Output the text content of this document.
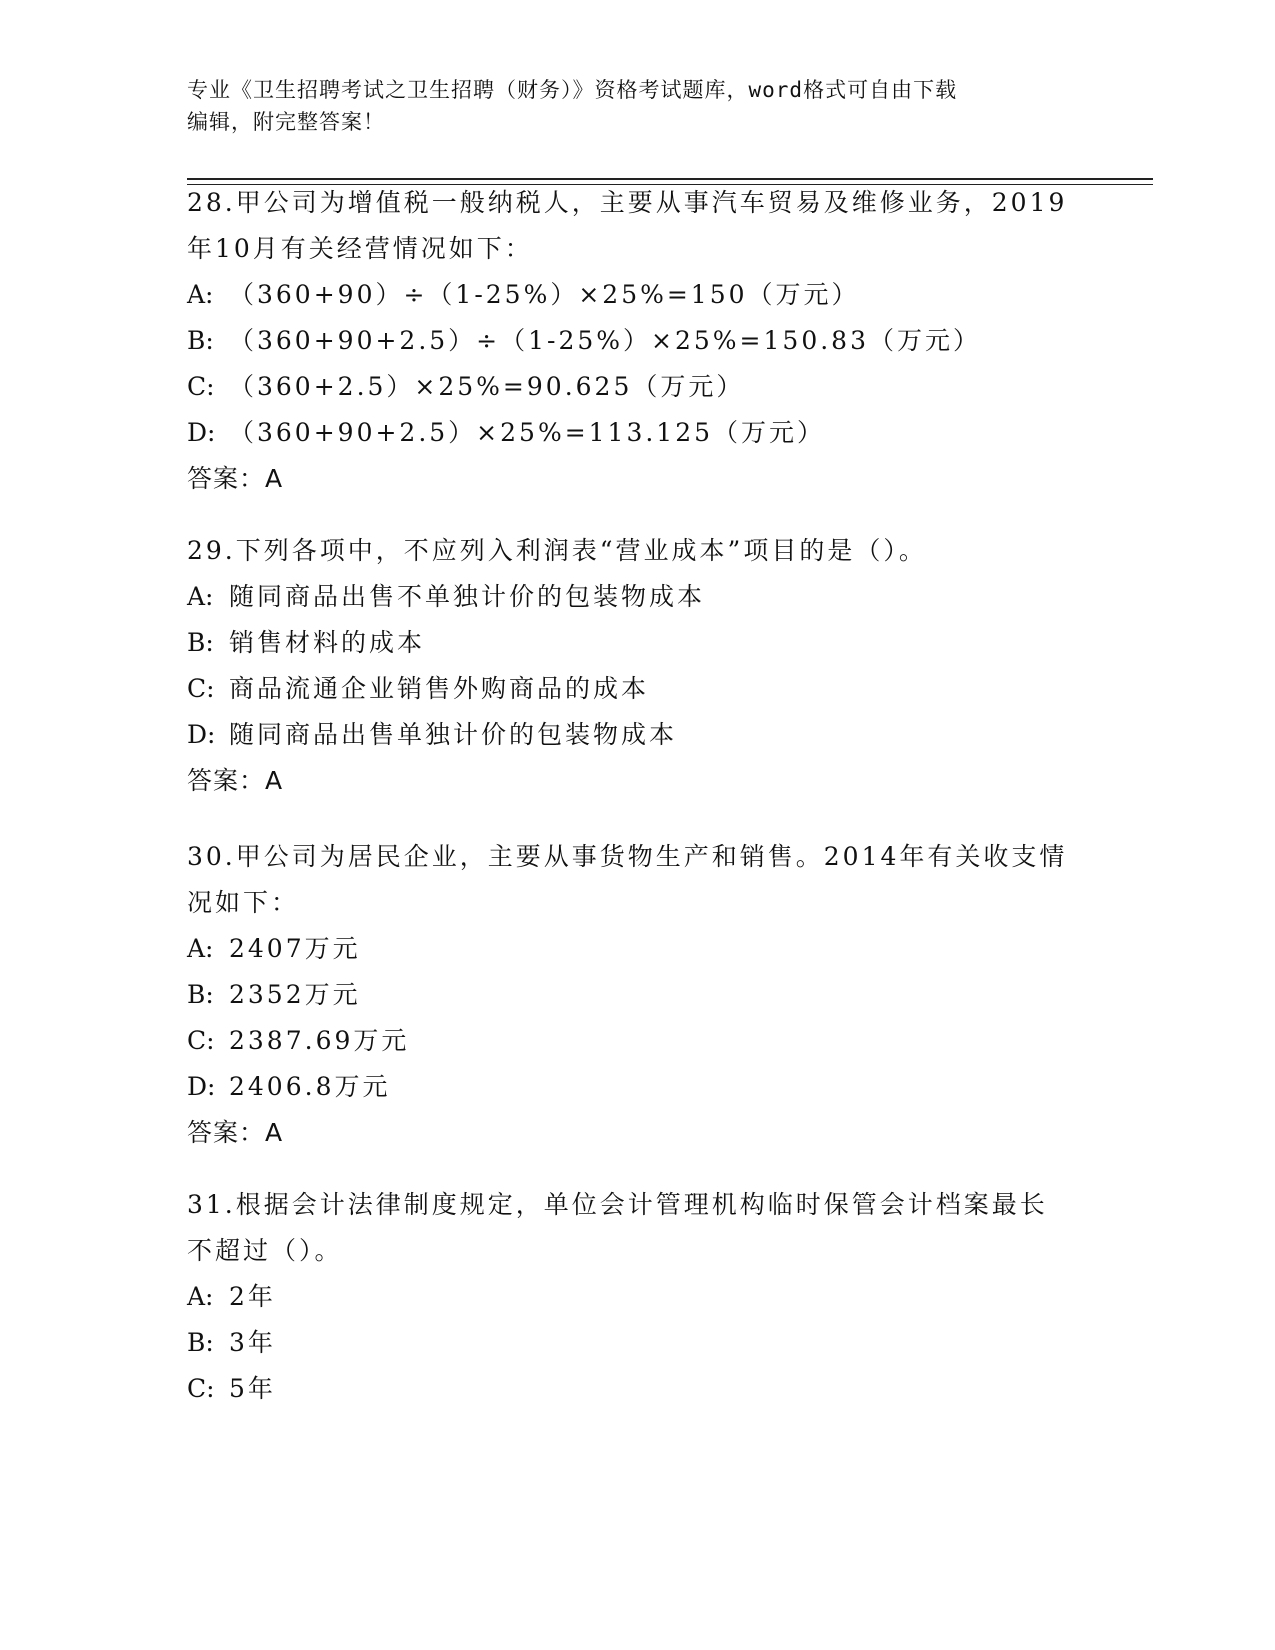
专业《卫生招聘考试之卫生招聘（财务）》资格考试题库，word格式可自由下载
编辑，附完整答案！
28.甲公司为增值税一般纳税人，主要从事汽车贸易及维修业务，2019
年10月有关经营情况如下：
A: （360+90）÷（1-25%）×25%=150（万元）
B: （360+90+2.5）÷（1-25%）×25%=150.83（万元）
C: （360+2.5）×25%=90.625（万元）
D: （360+90+2.5）×25%=113.125（万元）
答案：A
29.下列各项中，不应列入利润表“营业成本”项目的是（）。
A: 随同商品出售不单独计价的包装物成本
B: 销售材料的成本
C: 商品流通企业销售外购商品的成本
D: 随同商品出售单独计价的包装物成本
答案：A
30.甲公司为居民企业，主要从事货物生产和销售。2014年有关收支情
况如下：
A: 2407万元
B: 2352万元
C: 2387.69万元
D: 2406.8万元
答案：A
31.根据会计法律制度规定，单位会计管理机构临时保管会计档案最长
不超过（）。
A: 2年
B: 3年
C: 5年
